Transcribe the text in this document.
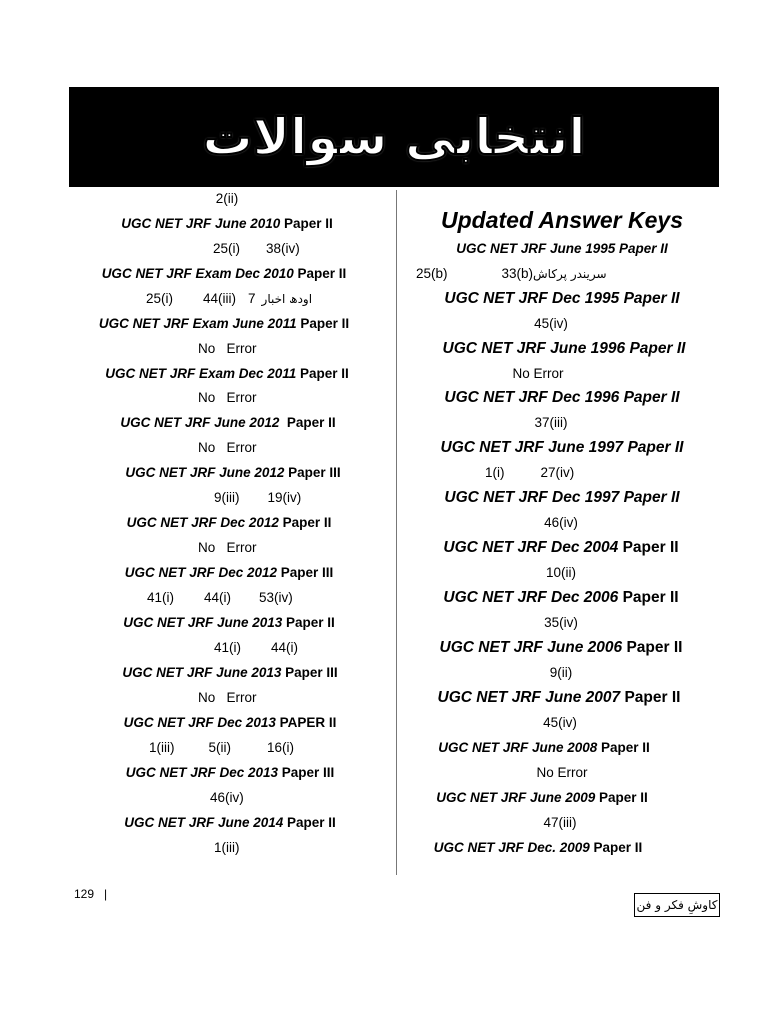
انتخابی سوالات
2(ii)
UGC NET JRF June 2010 Paper II
25(i) 38(iv)
UGC NET JRF Exam Dec 2010 Paper II
25(i) 44(iii) 7 اودھ اخبار
UGC NET JRF Exam June 2011 Paper II
No   Error
UGC NET JRF Exam Dec 2011 Paper II
No   Error
UGC NET JRF June 2012  Paper II
No   Error
UGC NET JRF June 2012 Paper III
9(iii) 19(iv)
UGC NET JRF Dec 2012 Paper II
No   Error
UGC NET JRF Dec 2012 Paper III
41(i) 44(i) 53(iv)
UGC NET JRF June 2013 Paper II
41(i) 44(i)
UGC NET JRF June 2013 Paper III
No   Error
UGC NET JRF Dec 2013 PAPER II
1(iii)	5(ii)	16(i)
UGC NET JRF Dec 2013 Paper III
46(iv)
UGC NET JRF June 2014 Paper II
1(iii)
Updated Answer Keys
UGC NET JRF June 1995 Paper II
25(b)	33(b)سریندر پرکاش
UGC NET JRF Dec 1995 Paper II
45(iv)
UGC NET JRF June 1996 Paper II
No Error
UGC NET JRF Dec 1996 Paper II
37(iii)
UGC NET JRF June 1997 Paper II
1(i)	27(iv)
UGC NET JRF Dec 1997 Paper II
46(iv)
UGC NET JRF Dec 2004 Paper II
10(ii)
UGC NET JRF Dec 2006 Paper II
35(iv)
UGC NET JRF June 2006 Paper II
9(ii)
UGC NET JRF June 2007 Paper II
45(iv)
UGC NET JRF June 2008 Paper II
No Error
UGC NET JRF June 2009 Paper II
47(iii)
UGC NET JRF Dec. 2009 Paper II
129   |
کاوشِ فکر و فن
